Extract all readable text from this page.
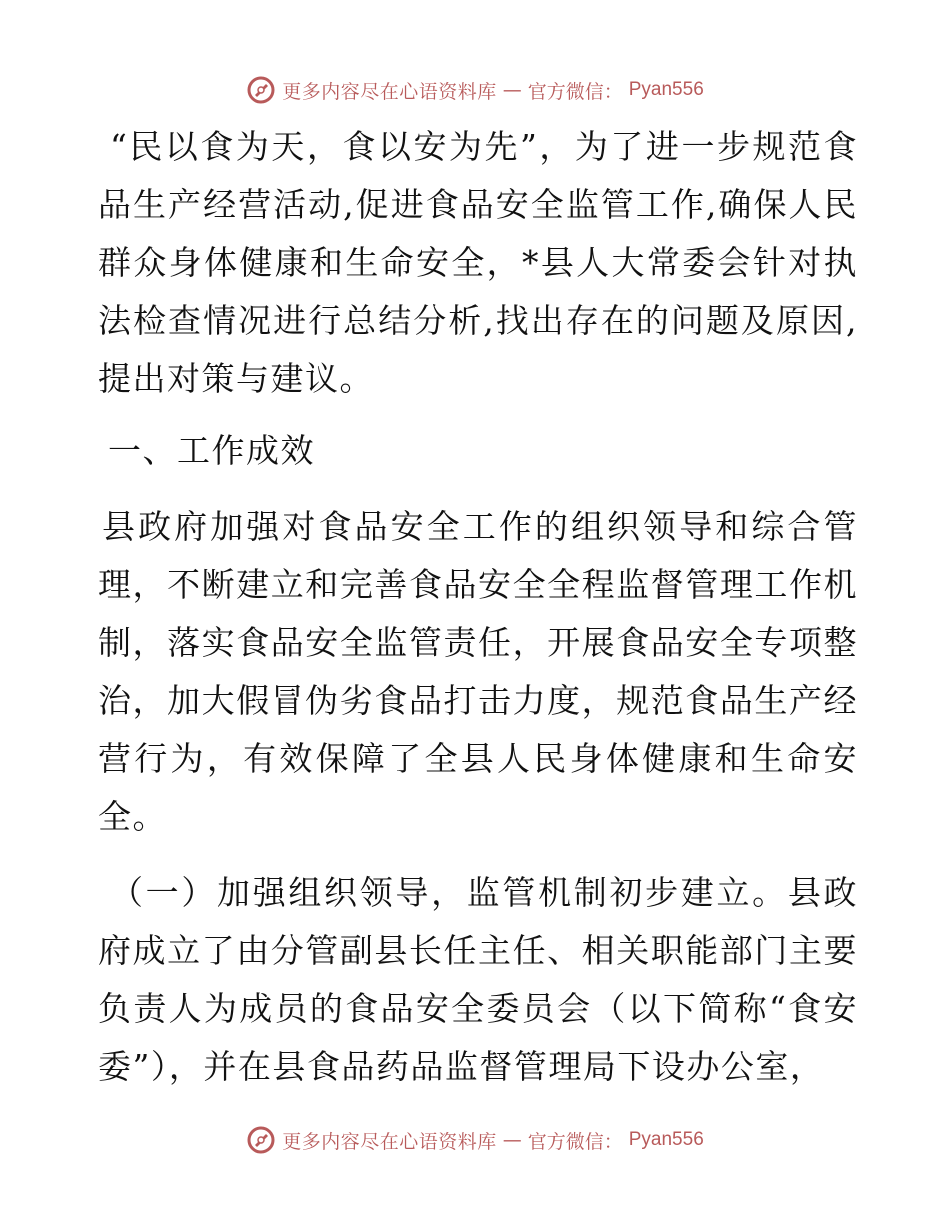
更多内容尽在心语资料库 — 官方微信： Pyan556

“民以食为天，食以安为先”，为了进一步规范食品生产经营活动,促进食品安全监管工作,确保人民群众身体健康和生命安全，*县人大常委会针对执法检查情况进行总结分析,找出存在的问题及原因,提出对策与建议。

一、工作成效

县政府加强对食品安全工作的组织领导和综合管理，不断建立和完善食品安全全程监督管理工作机制，落实食品安全监管责任，开展食品安全专项整治，加大假冒伪劣食品打击力度，规范食品生产经营行为，有效保障了全县人民身体健康和生命安全。

（一）加强组织领导，监管机制初步建立。县政府成立了由分管副县长任主任、相关职能部门主要负责人为成员的食品安全委员会（以下简称“食安委”），并在县食品药品监督管理局下设办公室，

更多内容尽在心语资料库 — 官方微信： Pyan556
